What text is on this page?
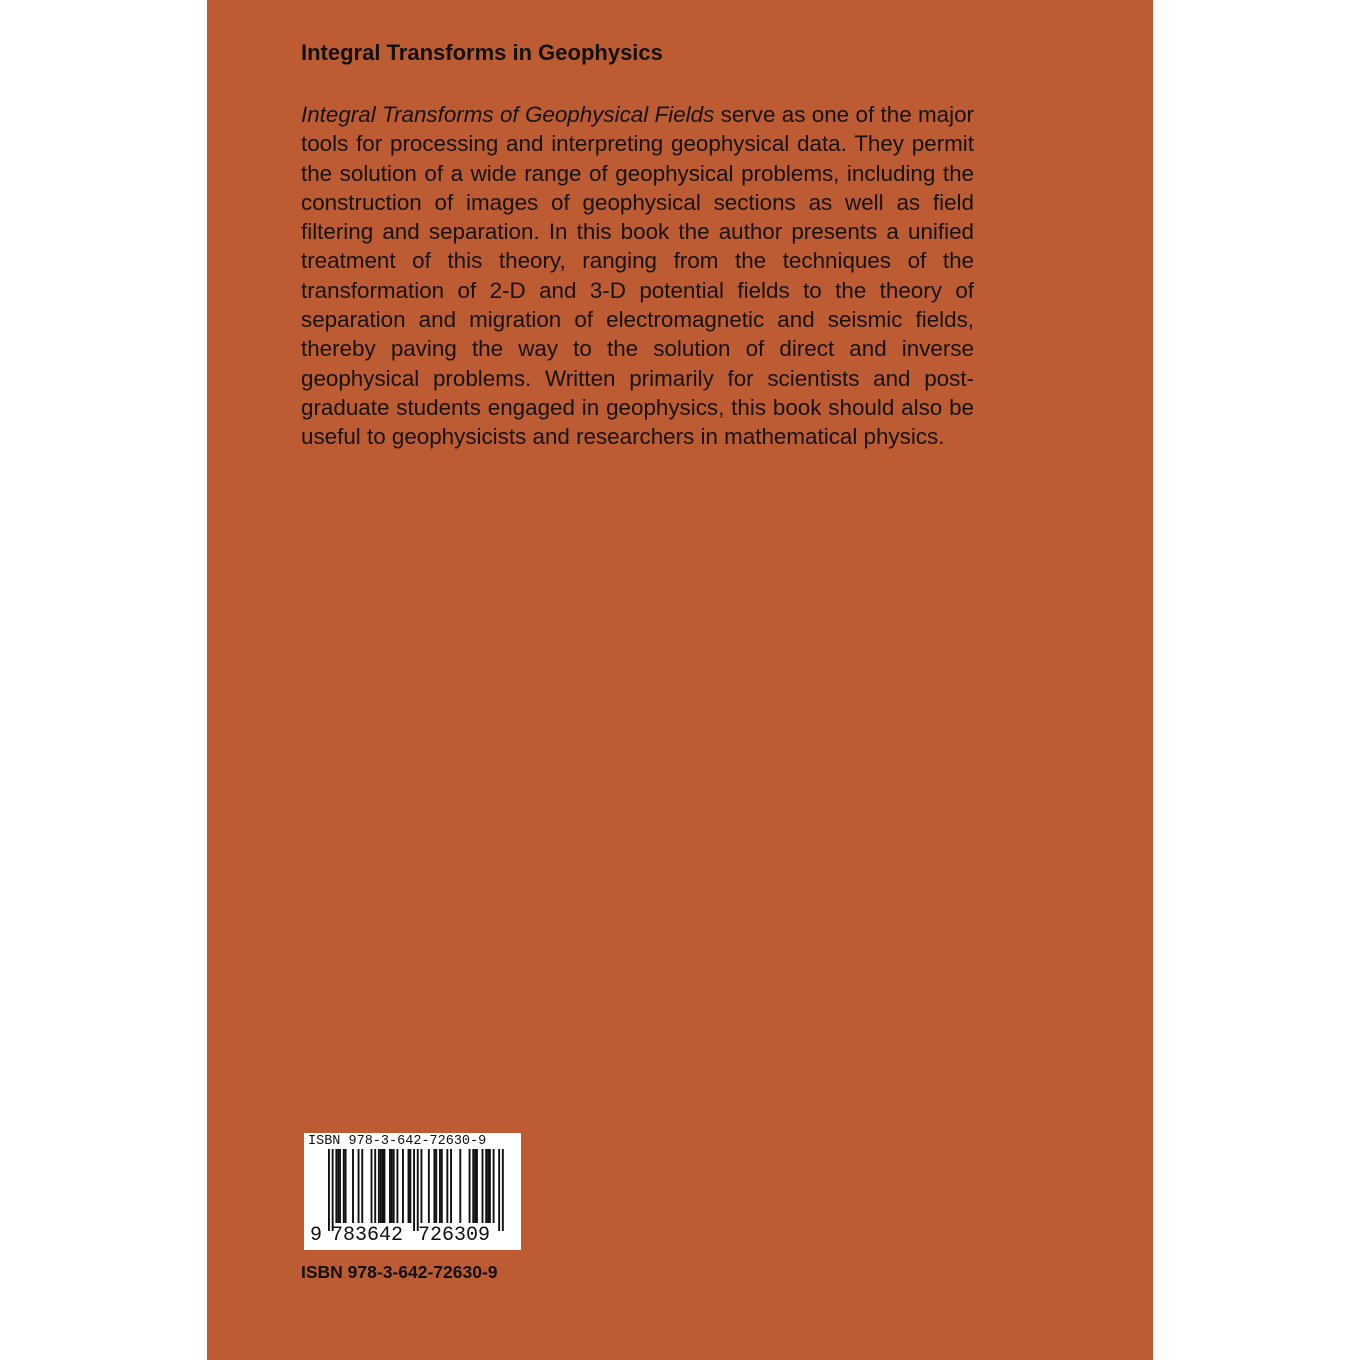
Integral Transforms in Geophysics

Integral Transforms of Geophysical Fields serve as one of the major tools for processing and interpreting geophysical data. They permit the solution of a wide range of geophysical problems, including the construction of images of geophysical sections as well as field filtering and separation. In this book the author presents a unified treatment of this theory, ranging from the techniques of the transformation of 2-D and 3-D potential fields to the theory of separation and migration of electromagnetic and seismic fields, thereby paving the way to the solution of direct and inverse geophysical problems. Written primarily for scientists and post-graduate students engaged in geophysics, this book should also be useful to geophysicists and researchers in mathematical physics.

ISBN 978-3-642-72630-9
9 783642 726309
ISBN 978-3-642-72630-9
